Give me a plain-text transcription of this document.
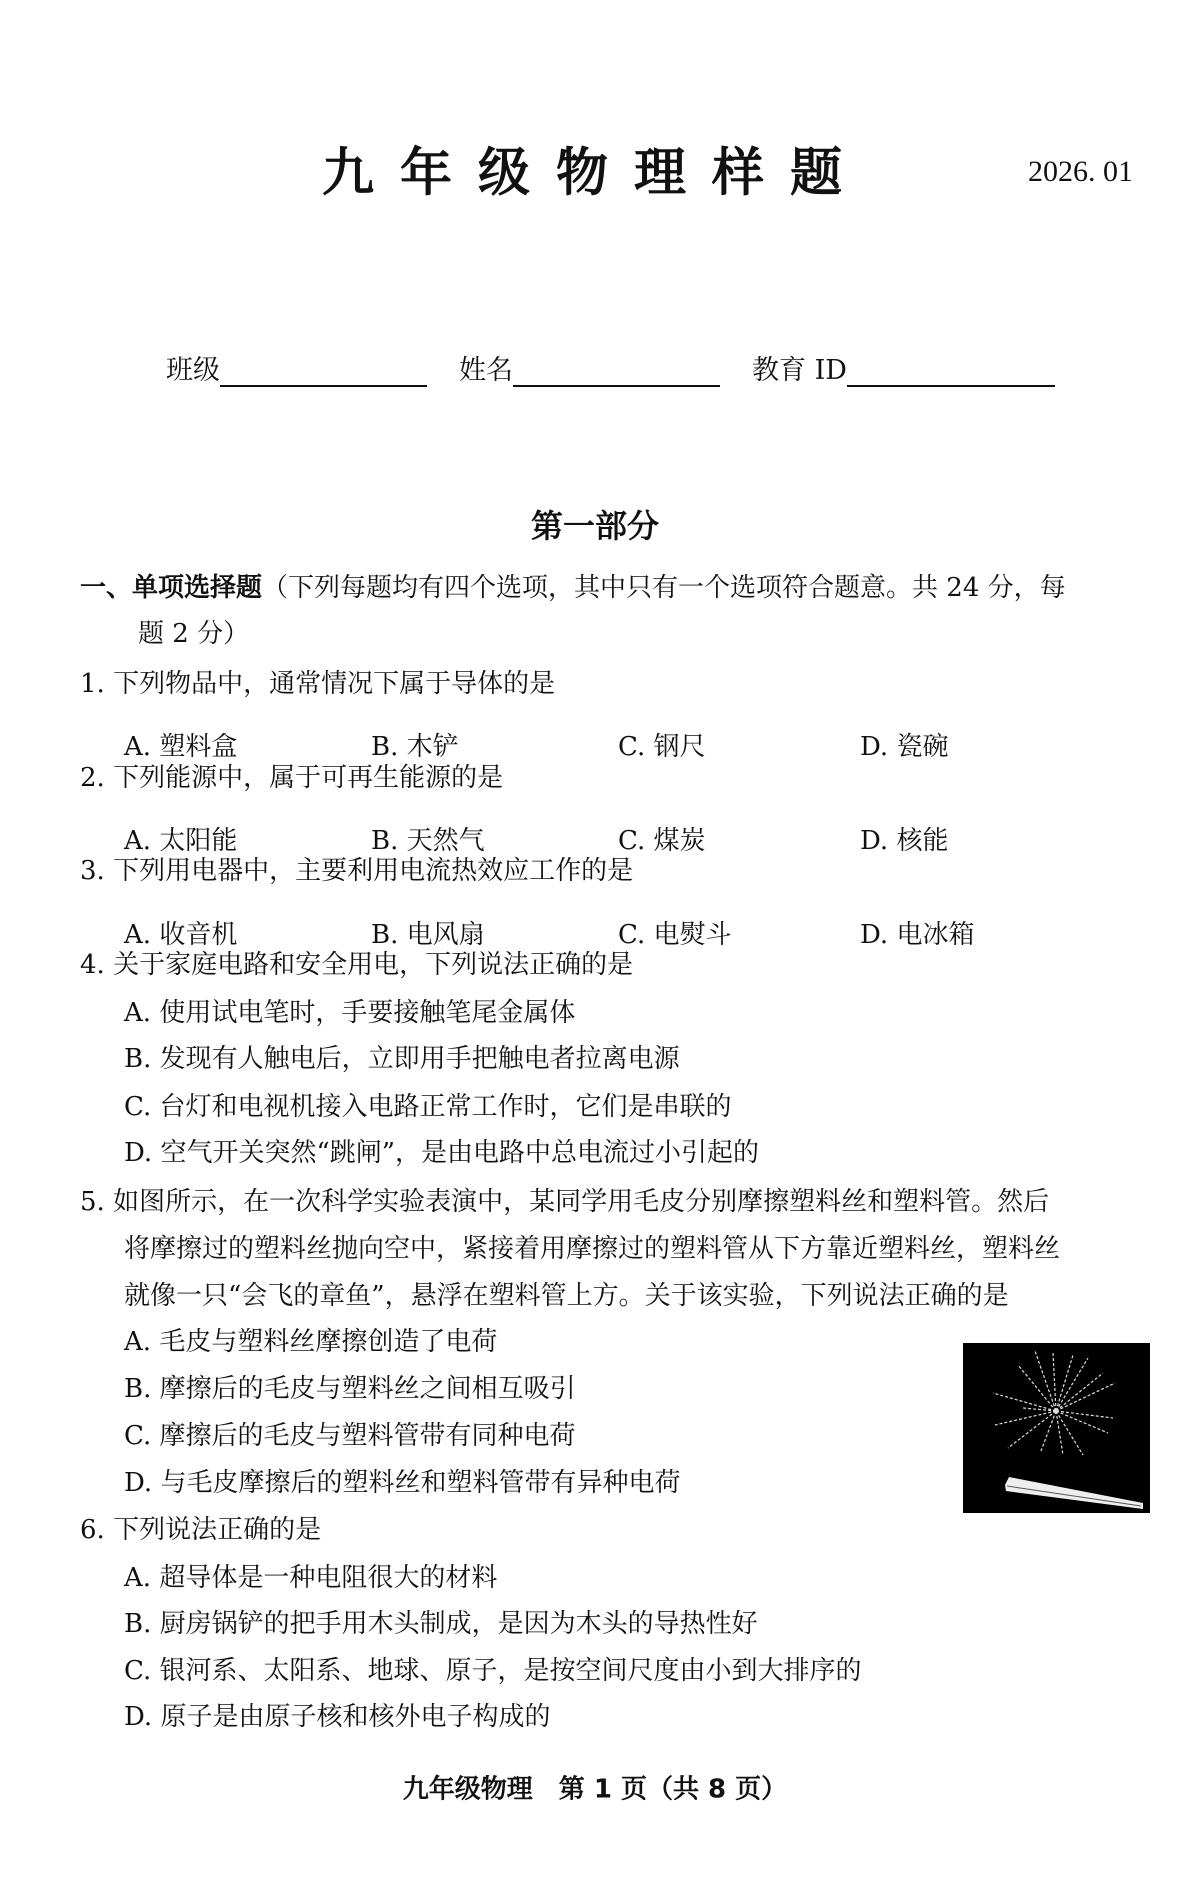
九年级物理样题	2026. 01
班级	姓名	教育 ID
第一部分
一、单项选择题（下列每题均有四个选项，其中只有一个选项符合题意。共 24 分，每
题 2 分）
1. 下列物品中，通常情况下属于导体的是
A. 塑料盒	B. 木铲	C. 钢尺	D. 瓷碗
2. 下列能源中，属于可再生能源的是
A. 太阳能	B. 天然气	C. 煤炭	D. 核能
3. 下列用电器中，主要利用电流热效应工作的是
A. 收音机	B. 电风扇	C. 电熨斗	D. 电冰箱
4. 关于家庭电路和安全用电，下列说法正确的是
A. 使用试电笔时，手要接触笔尾金属体
B. 发现有人触电后，立即用手把触电者拉离电源
C. 台灯和电视机接入电路正常工作时，它们是串联的
D. 空气开关突然“跳闸”，是由电路中总电流过小引起的
5. 如图所示，在一次科学实验表演中，某同学用毛皮分别摩擦塑料丝和塑料管。然后
将摩擦过的塑料丝抛向空中，紧接着用摩擦过的塑料管从下方靠近塑料丝，塑料丝
就像一只“会飞的章鱼”，悬浮在塑料管上方。关于该实验，下列说法正确的是
A. 毛皮与塑料丝摩擦创造了电荷
B. 摩擦后的毛皮与塑料丝之间相互吸引
C. 摩擦后的毛皮与塑料管带有同种电荷
D. 与毛皮摩擦后的塑料丝和塑料管带有异种电荷
6. 下列说法正确的是
A. 超导体是一种电阻很大的材料
B. 厨房锅铲的把手用木头制成，是因为木头的导热性好
C. 银河系、太阳系、地球、原子，是按空间尺度由小到大排序的
D. 原子是由原子核和核外电子构成的
九年级物理　第 1 页（共 8 页）
